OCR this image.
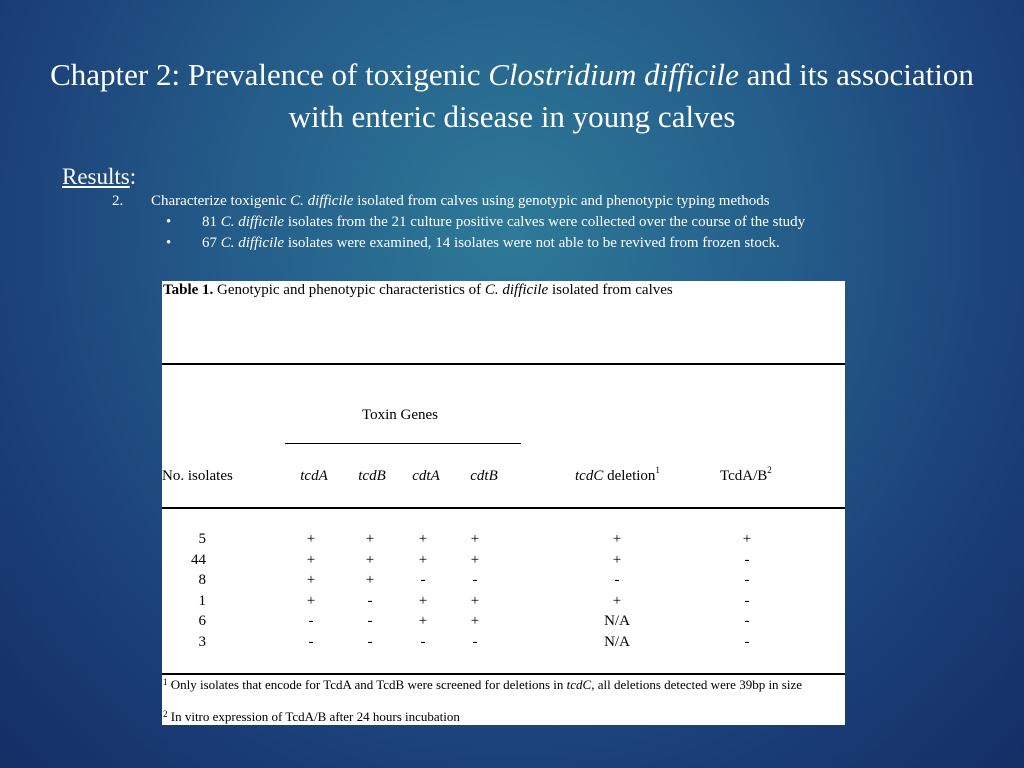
Chapter 2: Prevalence of toxigenic Clostridium difficile and its association with enteric disease in young calves
Results:
2. Characterize toxigenic C. difficile isolated from calves using genotypic and phenotypic typing methods
• 81 C. difficile isolates from the 21 culture positive calves were collected over the course of the study
• 67 C. difficile isolates were examined, 14 isolates were not able to be revived from frozen stock.
Table 1. Genotypic and phenotypic characteristics of C. difficile isolated from calves
Toxin Genes
No. isolates	tcdA	tcdB	cdtA	cdtB	tcdC deletion$^1$	TcdA/$B^2$
5	+	+	+	+	+	+
44	+	+	+	+	+	-
8	+	+	-	-	-	-
1	+	-	+	+	+	-
6	-	-	+	+	N/A	-
3	-	-	-	-	N/A	-
$^1$ Only isolates that encode for TcdA and TcdB were screened for deletions in tcdC, all deletions detected were 39bp in size
$^2$ In vitro expression of TcdA/B after 24 hours incubation
